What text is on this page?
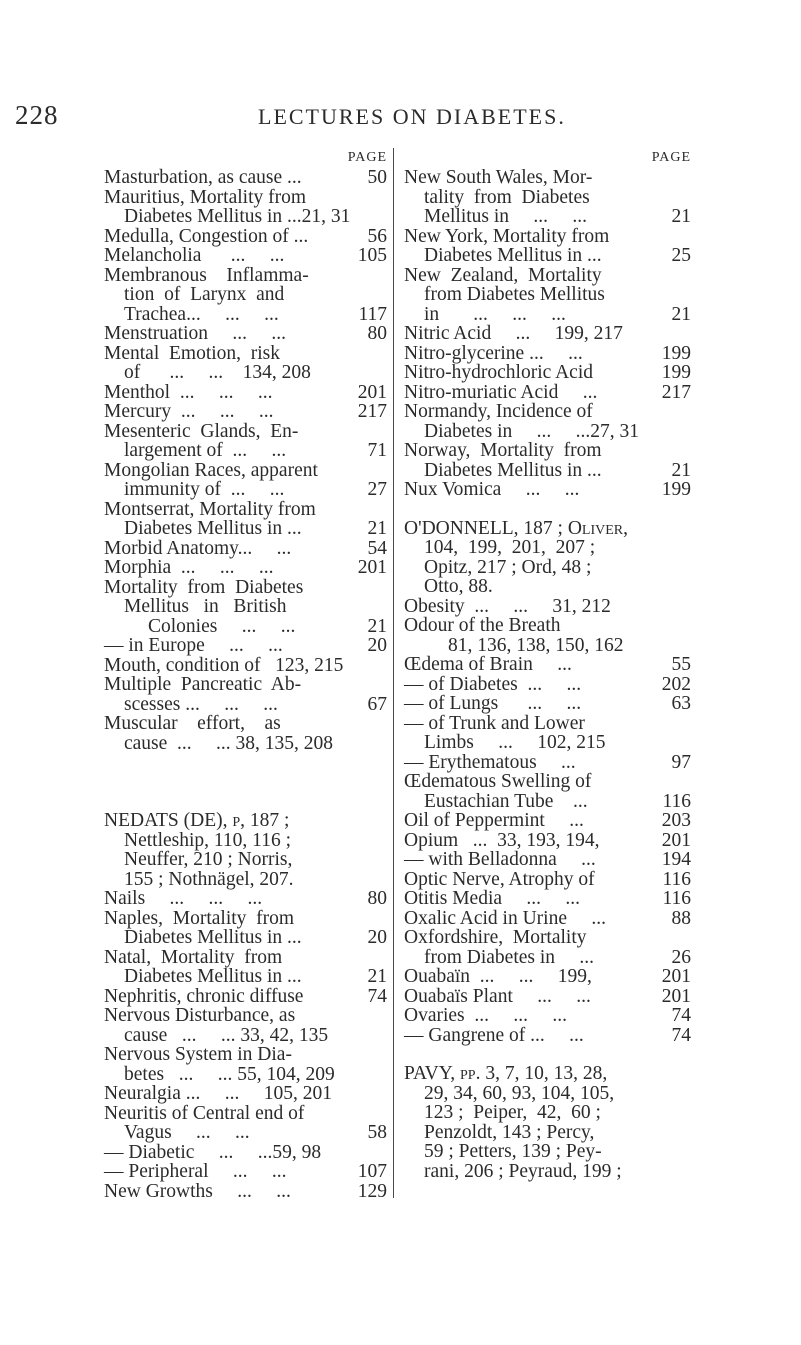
228	LECTURES ON DIABETES.
PAGE
Masturbation, as cause ...	50
Mauritius, Mortality from
Diabetes Mellitus in ...21, 31
Medulla, Congestion of ...	56
Melancholia      ...     ...	105
Membranous    Inflamma-
tion  of  Larynx  and
Trachea...     ...     ...	117
Menstruation     ...     ...	80
Mental  Emotion,  risk
of      ...     ...    134, 208
Menthol  ...     ...     ...	201
Mercury  ...     ...     ...	217
Mesenteric  Glands,  En-
largement of  ...     ...	71
Mongolian Races, apparent
immunity of  ...     ...	27
Montserrat, Mortality from
Diabetes Mellitus in ...	21
Morbid Anatomy...     ...	54
Morphia  ...     ...     ...	201
Mortality  from  Diabetes
Mellitus   in   British
Colonies     ...     ...	21
— in Europe     ...     ...	20
Mouth, condition of   123, 215
Multiple  Pancreatic  Ab-
scesses ...     ...     ...	67
Muscular    effort,    as
cause  ...     ... 38, 135, 208
NEDATS (DE), p, 187 ;
Nettleship, 110, 116 ;
Neuffer, 210 ; Norris,
155 ; Nothnägel, 207.
Nails     ...     ...     ...	80
Naples,  Mortality  from
Diabetes Mellitus in ...	20
Natal,  Mortality  from
Diabetes Mellitus in ...	21
Nephritis, chronic diffuse	74
Nervous Disturbance, as
cause   ...     ... 33, 42, 135
Nervous System in Dia-
betes   ...     ... 55, 104, 209
Neuralgia ...     ...     105, 201
Neuritis of Central end of
Vagus     ...     ...	58
— Diabetic     ...     ...59, 98
— Peripheral     ...     ...	107
New Growths     ...     ...	129
PAGE
New South Wales, Mor-
tality  from  Diabetes
Mellitus in     ...     ...	21
New York, Mortality from
Diabetes Mellitus in ...	25
New  Zealand,  Mortality
from Diabetes Mellitus
in       ...     ...     ...	21
Nitric Acid     ...     199, 217
Nitro-glycerine ...     ...	199
Nitro-hydrochloric Acid	199
Nitro-muriatic Acid     ...	217
Normandy, Incidence of
Diabetes in     ...     ...27, 31
Norway,  Mortality  from
Diabetes Mellitus in ...	21
Nux Vomica     ...     ...	199
O'DONNELL, 187 ; Oliver,
104,  199,  201,  207 ;
Opitz, 217 ; Ord, 48 ;
Otto, 88.
Obesity  ...     ...     31, 212
Odour of the Breath
81, 136, 138, 150, 162
Œdema of Brain     ...	55
— of Diabetes  ...     ...	202
— of Lungs      ...     ...	63
— of Trunk and Lower
Limbs     ...     102, 215
— Erythematous     ...	97
Œdematous Swelling of
Eustachian Tube    ...	116
Oil of Peppermint     ...	203
Opium   ...  33, 193, 194,	201
— with Belladonna     ...	194
Optic Nerve, Atrophy of	116
Otitis Media     ...     ...	116
Oxalic Acid in Urine     ...	88
Oxfordshire,  Mortality
from Diabetes in     ...	26
Ouabaïn  ...     ...     199,	201
Ouabaïs Plant     ...     ...	201
Ovaries  ...     ...     ...	74
— Gangrene of ...     ...	74
PAVY, pp. 3, 7, 10, 13, 28,
29, 34, 60, 93, 104, 105,
123 ;  Peiper,  42,  60 ;
Penzoldt, 143 ; Percy,
59 ; Petters, 139 ; Pey-
rani, 206 ; Peyraud, 199 ;
